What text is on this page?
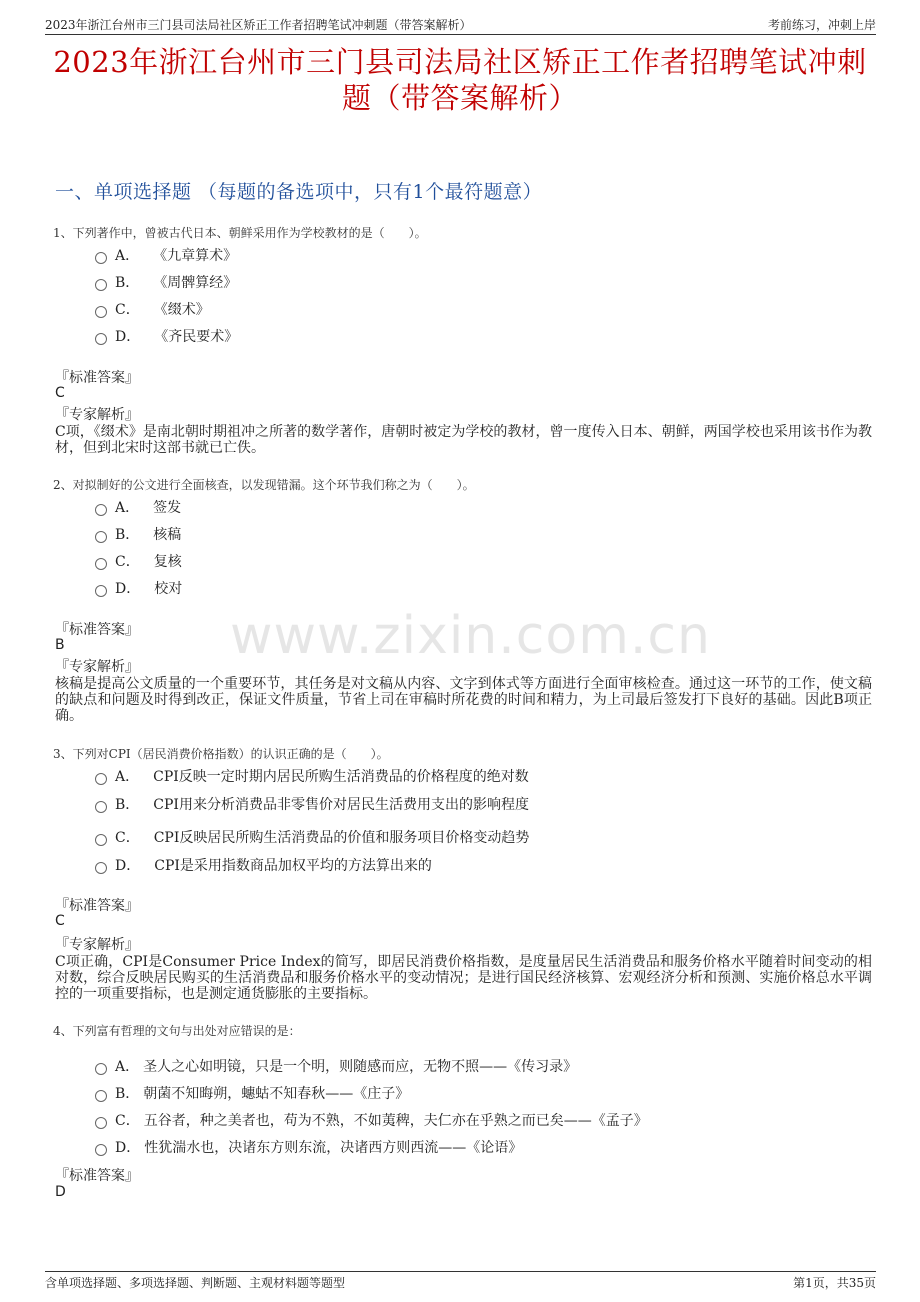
2023年浙江台州市三门县司法局社区矫正工作者招聘笔试冲刺题（带答案解析）	考前练习，冲刺上岸
2023年浙江台州市三门县司法局社区矫正工作者招聘笔试冲刺
题（带答案解析）
一、单项选择题 （每题的备选项中，只有1个最符题意）
www.zixin.com.cn
1、下列著作中，曾被古代日本、朝鲜采用作为学校教材的是（　　）。
A． 《九章算术》
B． 《周髀算经》
C． 《缀术》
D． 《齐民要术》
『标准答案』
C
『专家解析』
C项，《缀术》是南北朝时期祖冲之所著的数学著作，唐朝时被定为学校的教材，曾一度传入日本、朝鲜，两国学校也采用该书作为教材，但到北宋时这部书就已亡佚。
2、对拟制好的公文进行全面核查，以发现错漏。这个环节我们称之为（　　）。
A． 签发
B． 核稿
C． 复核
D． 校对
『标准答案』
B
『专家解析』
核稿是提高公文质量的一个重要环节，其任务是对文稿从内容、文字到体式等方面进行全面审核检查。通过这一环节的工作，使文稿的缺点和问题及时得到改正，保证文件质量，节省上司在审稿时所花费的时间和精力，为上司最后签发打下良好的基础。因此B项正确。
3、下列对CPI（居民消费价格指数）的认识正确的是（　　）。
A． CPI反映一定时期内居民所购生活消费品的价格程度的绝对数
B． CPI用来分析消费品非零售价对居民生活费用支出的影响程度
C． CPI反映居民所购生活消费品的价值和服务项目价格变动趋势
D． CPI是采用指数商品加权平均的方法算出来的
『标准答案』
C
『专家解析』
C项正确，CPI是Consumer Price Index的简写，即居民消费价格指数，是度量居民生活消费品和服务价格水平随着时间变动的相对数，综合反映居民购买的生活消费品和服务价格水平的变动情况；是进行国民经济核算、宏观经济分析和预测、实施价格总水平调控的一项重要指标，也是测定通货膨胀的主要指标。
4、下列富有哲理的文句与出处对应错误的是：
A． 圣人之心如明镜，只是一个明，则随感而应，无物不照——《传习录》
B． 朝菌不知晦朔，蟪蛄不知春秋——《庄子》
C． 五谷者，种之美者也，苟为不熟，不如荑稗，夫仁亦在乎熟之而已矣——《孟子》
D． 性犹湍水也，决诸东方则东流，决诸西方则西流——《论语》
『标准答案』
D
含单项选择题、多项选择题、判断题、主观材料题等题型	第1页，共35页
